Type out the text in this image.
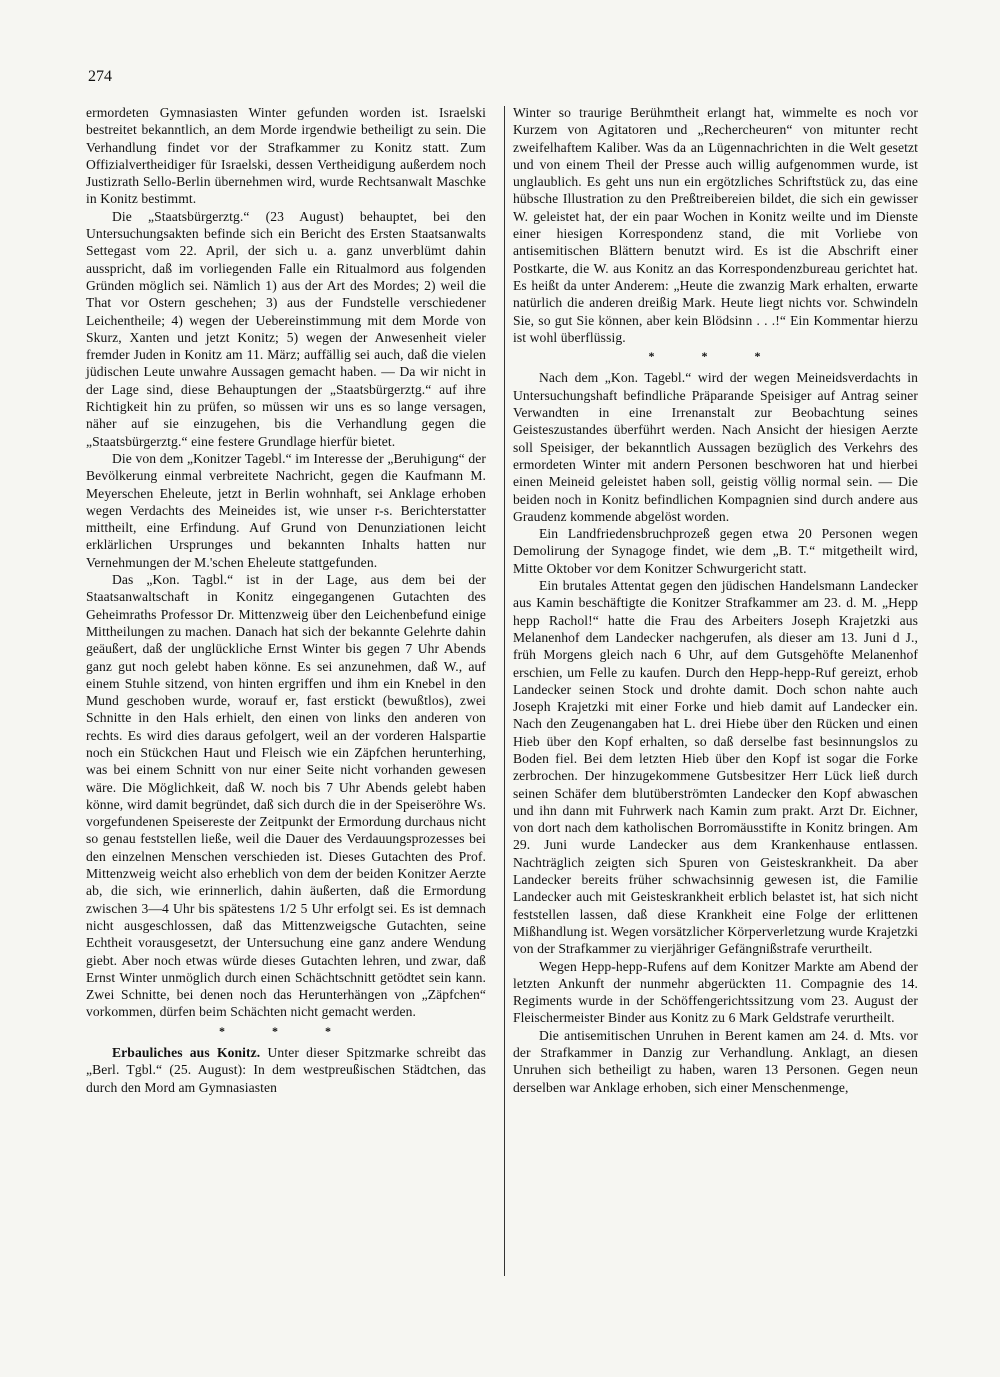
274

ermordeten Gymnasiasten Winter gefunden worden ist. Israelski bestreitet bekanntlich, an dem Morde irgendwie betheiligt zu sein. Die Verhandlung findet vor der Strafkammer zu Konitz statt. Zum Offizialvertheidiger für Israelski, dessen Vertheidigung außerdem noch Justizrath Sello-Berlin übernehmen wird, wurde Rechtsanwalt Maschke in Konitz bestimmt.

Die „Staatsbürgerztg.“ (23 August) behauptet, bei den Untersuchungsakten befinde sich ein Bericht des Ersten Staatsanwalts Settegast vom 22. April, der sich u. a. ganz unverblümt dahin ausspricht, daß im vorliegenden Falle ein Ritualmord aus folgenden Gründen möglich sei. Nämlich 1) aus der Art des Mordes; 2) weil die That vor Ostern geschehen; 3) aus der Fundstelle verschiedener Leichentheile; 4) wegen der Uebereinstimmung mit dem Morde von Skurz, Xanten und jetzt Konitz; 5) wegen der Anwesenheit vieler fremder Juden in Konitz am 11. März; auffällig sei auch, daß die vielen jüdischen Leute unwahre Aussagen gemacht haben. — Da wir nicht in der Lage sind, diese Behauptungen der „Staatsbürgerztg.“ auf ihre Richtigkeit hin zu prüfen, so müssen wir uns es so lange versagen, näher auf sie einzugehen, bis die Verhandlung gegen die „Staatsbürgerztg.“ eine festere Grundlage hierfür bietet.

Die von dem „Konitzer Tagebl.“ im Interesse der „Beruhigung“ der Bevölkerung einmal verbreitete Nachricht, gegen die Kaufmann M. Meyerschen Eheleute, jetzt in Berlin wohnhaft, sei Anklage erhoben wegen Verdachts des Meineides ist, wie unser r-s. Berichterstatter mittheilt, eine Erfindung. Auf Grund von Denunziationen leicht erklärlichen Ursprunges und bekannten Inhalts hatten nur Vernehmungen der M.'schen Eheleute stattgefunden.

Das „Kon. Tagbl.“ ist in der Lage, aus dem bei der Staatsanwaltschaft in Konitz eingegangenen Gutachten des Geheimraths Professor Dr. Mittenzweig über den Leichenbefund einige Mittheilungen zu machen. Danach hat sich der bekannte Gelehrte dahin geäußert, daß der unglückliche Ernst Winter bis gegen 7 Uhr Abends ganz gut noch gelebt haben könne. Es sei anzunehmen, daß W., auf einem Stuhle sitzend, von hinten ergriffen und ihm ein Knebel in den Mund geschoben wurde, worauf er, fast erstickt (bewußtlos), zwei Schnitte in den Hals erhielt, den einen von links den anderen von rechts. Es wird dies daraus gefolgert, weil an der vorderen Halspartie noch ein Stückchen Haut und Fleisch wie ein Zäpfchen herunterhing, was bei einem Schnitt von nur einer Seite nicht vorhanden gewesen wäre. Die Möglichkeit, daß W. noch bis 7 Uhr Abends gelebt haben könne, wird damit begründet, daß sich durch die in der Speiseröhre Ws. vorgefundenen Speisereste der Zeitpunkt der Ermordung durchaus nicht so genau feststellen ließe, weil die Dauer des Verdauungsprozesses bei den einzelnen Menschen verschieden ist. Dieses Gutachten des Prof. Mittenzweig weicht also erheblich von dem der beiden Konitzer Aerzte ab, die sich, wie erinnerlich, dahin äußerten, daß die Ermordung zwischen 3—4 Uhr bis spätestens 1/2 5 Uhr erfolgt sei. Es ist demnach nicht ausgeschlossen, daß das Mittenzweigsche Gutachten, seine Echtheit vorausgesetzt, der Untersuchung eine ganz andere Wendung giebt. Aber noch etwas würde dieses Gutachten lehren, und zwar, daß Ernst Winter unmöglich durch einen Schächtschnitt getödtet sein kann. Zwei Schnitte, bei denen noch das Herunterhängen von „Zäpfchen“ vorkommen, dürfen beim Schächten nicht gemacht werden.

* * *

Erbauliches aus Konitz. Unter dieser Spitzmarke schreibt das „Berl. Tgbl.“ (25. August): In dem westpreußischen Städtchen, das durch den Mord am Gymnasiasten

Winter so traurige Berühmtheit erlangt hat, wimmelte es noch vor Kurzem von Agitatoren und „Recherchеuren“ von mitunter recht zweifelhaftem Kaliber. Was da an Lügennachrichten in die Welt gesetzt und von einem Theil der Presse auch willig aufgenommen wurde, ist unglaublich. Es geht uns nun ein ergötzliches Schriftstück zu, das eine hübsche Illustration zu den Preßtreibereien bildet, die sich ein gewisser W. geleistet hat, der ein paar Wochen in Konitz weilte und im Dienste einer hiesigen Korrespondenz stand, die mit Vorliebe von antisemitischen Blättern benutzt wird. Es ist die Abschrift einer Postkarte, die W. aus Konitz an das Korrespondenzbureau gerichtet hat. Es heißt da unter Anderem: „Heute die zwanzig Mark erhalten, erwarte natürlich die anderen dreißig Mark. Heute liegt nichts vor. Schwindeln Sie, so gut Sie können, aber kein Blödsinn . . .!“ Ein Kommentar hierzu ist wohl überflüssig.

* * *

Nach dem „Kon. Tagebl.“ wird der wegen Meineidsverdachts in Untersuchungshaft befindliche Präparande Speisiger auf Antrag seiner Verwandten in eine Irrenanstalt zur Beobachtung seines Geisteszustandes überführt werden. Nach Ansicht der hiesigen Aerzte soll Speisiger, der bekanntlich Aussagen bezüglich des Verkehrs des ermordeten Winter mit andern Personen beschworen hat und hierbei einen Meineid geleistet haben soll, geistig völlig normal sein. — Die beiden noch in Konitz befindlichen Kompagnien sind durch andere aus Graudenz kommende abgelöst worden.

Ein Landfriedensbruchprozeß gegen etwa 20 Personen wegen Demolirung der Synagoge findet, wie dem „B. T.“ mitgetheilt wird, Mitte Oktober vor dem Konitzer Schwurgericht statt.

Ein brutales Attentat gegen den jüdischen Handelsmann Landecker aus Kamin beschäftigte die Konitzer Strafkammer am 23. d. M. „Hepp hepp Rachol!“ hatte die Frau des Arbeiters Joseph Krajetzki aus Melanenhof dem Landecker nachgerufen, als dieser am 13. Juni d J., früh Morgens gleich nach 6 Uhr, auf dem Gutsgehöfte Melanenhof erschien, um Felle zu kaufen. Durch den Hepp-hepp-Ruf gereizt, erhob Landecker seinen Stock und drohte damit. Doch schon nahte auch Joseph Krajetzki mit einer Forke und hieb damit auf Landecker ein. Nach den Zeugenangaben hat L. drei Hiebe über den Rücken und einen Hieb über den Kopf erhalten, so daß derselbe fast besinnungslos zu Boden fiel. Bei dem letzten Hieb über den Kopf ist sogar die Forke zerbrochen. Der hinzugekommene Gutsbesitzer Herr Lück ließ durch seinen Schäfer dem blutüberströmten Landecker den Kopf abwaschen und ihn dann mit Fuhrwerk nach Kamin zum prakt. Arzt Dr. Eichner, von dort nach dem katholischen Borromäusstifte in Konitz bringen. Am 29. Juni wurde Landecker aus dem Krankenhause entlassen. Nachträglich zeigten sich Spuren von Geisteskrankheit. Da aber Landecker bereits früher schwachsinnig gewesen ist, die Familie Landecker auch mit Geisteskrankheit erblich belastet ist, hat sich nicht feststellen lassen, daß diese Krankheit eine Folge der erlittenen Mißhandlung ist. Wegen vorsätzlicher Körperverletzung wurde Krajetzki von der Strafkammer zu vierjähriger Gefängnißstrafe verurtheilt.

Wegen Hepp-hepp-Rufens auf dem Konitzer Markte am Abend der letzten Ankunft der nunmehr abgerückten 11. Compagnie des 14. Regiments wurde in der Schöffengerichtssitzung vom 23. August der Fleischermeister Binder aus Konitz zu 6 Mark Geldstrafe verurtheilt.

Die antisemitischen Unruhen in Berent kamen am 24. d. Mts. vor der Strafkammer in Danzig zur Verhandlung. Anklagt, an diesen Unruhen sich betheiligt zu haben, waren 13 Personen. Gegen neun derselben war Anklage erhoben, sich einer Menschenmenge,
